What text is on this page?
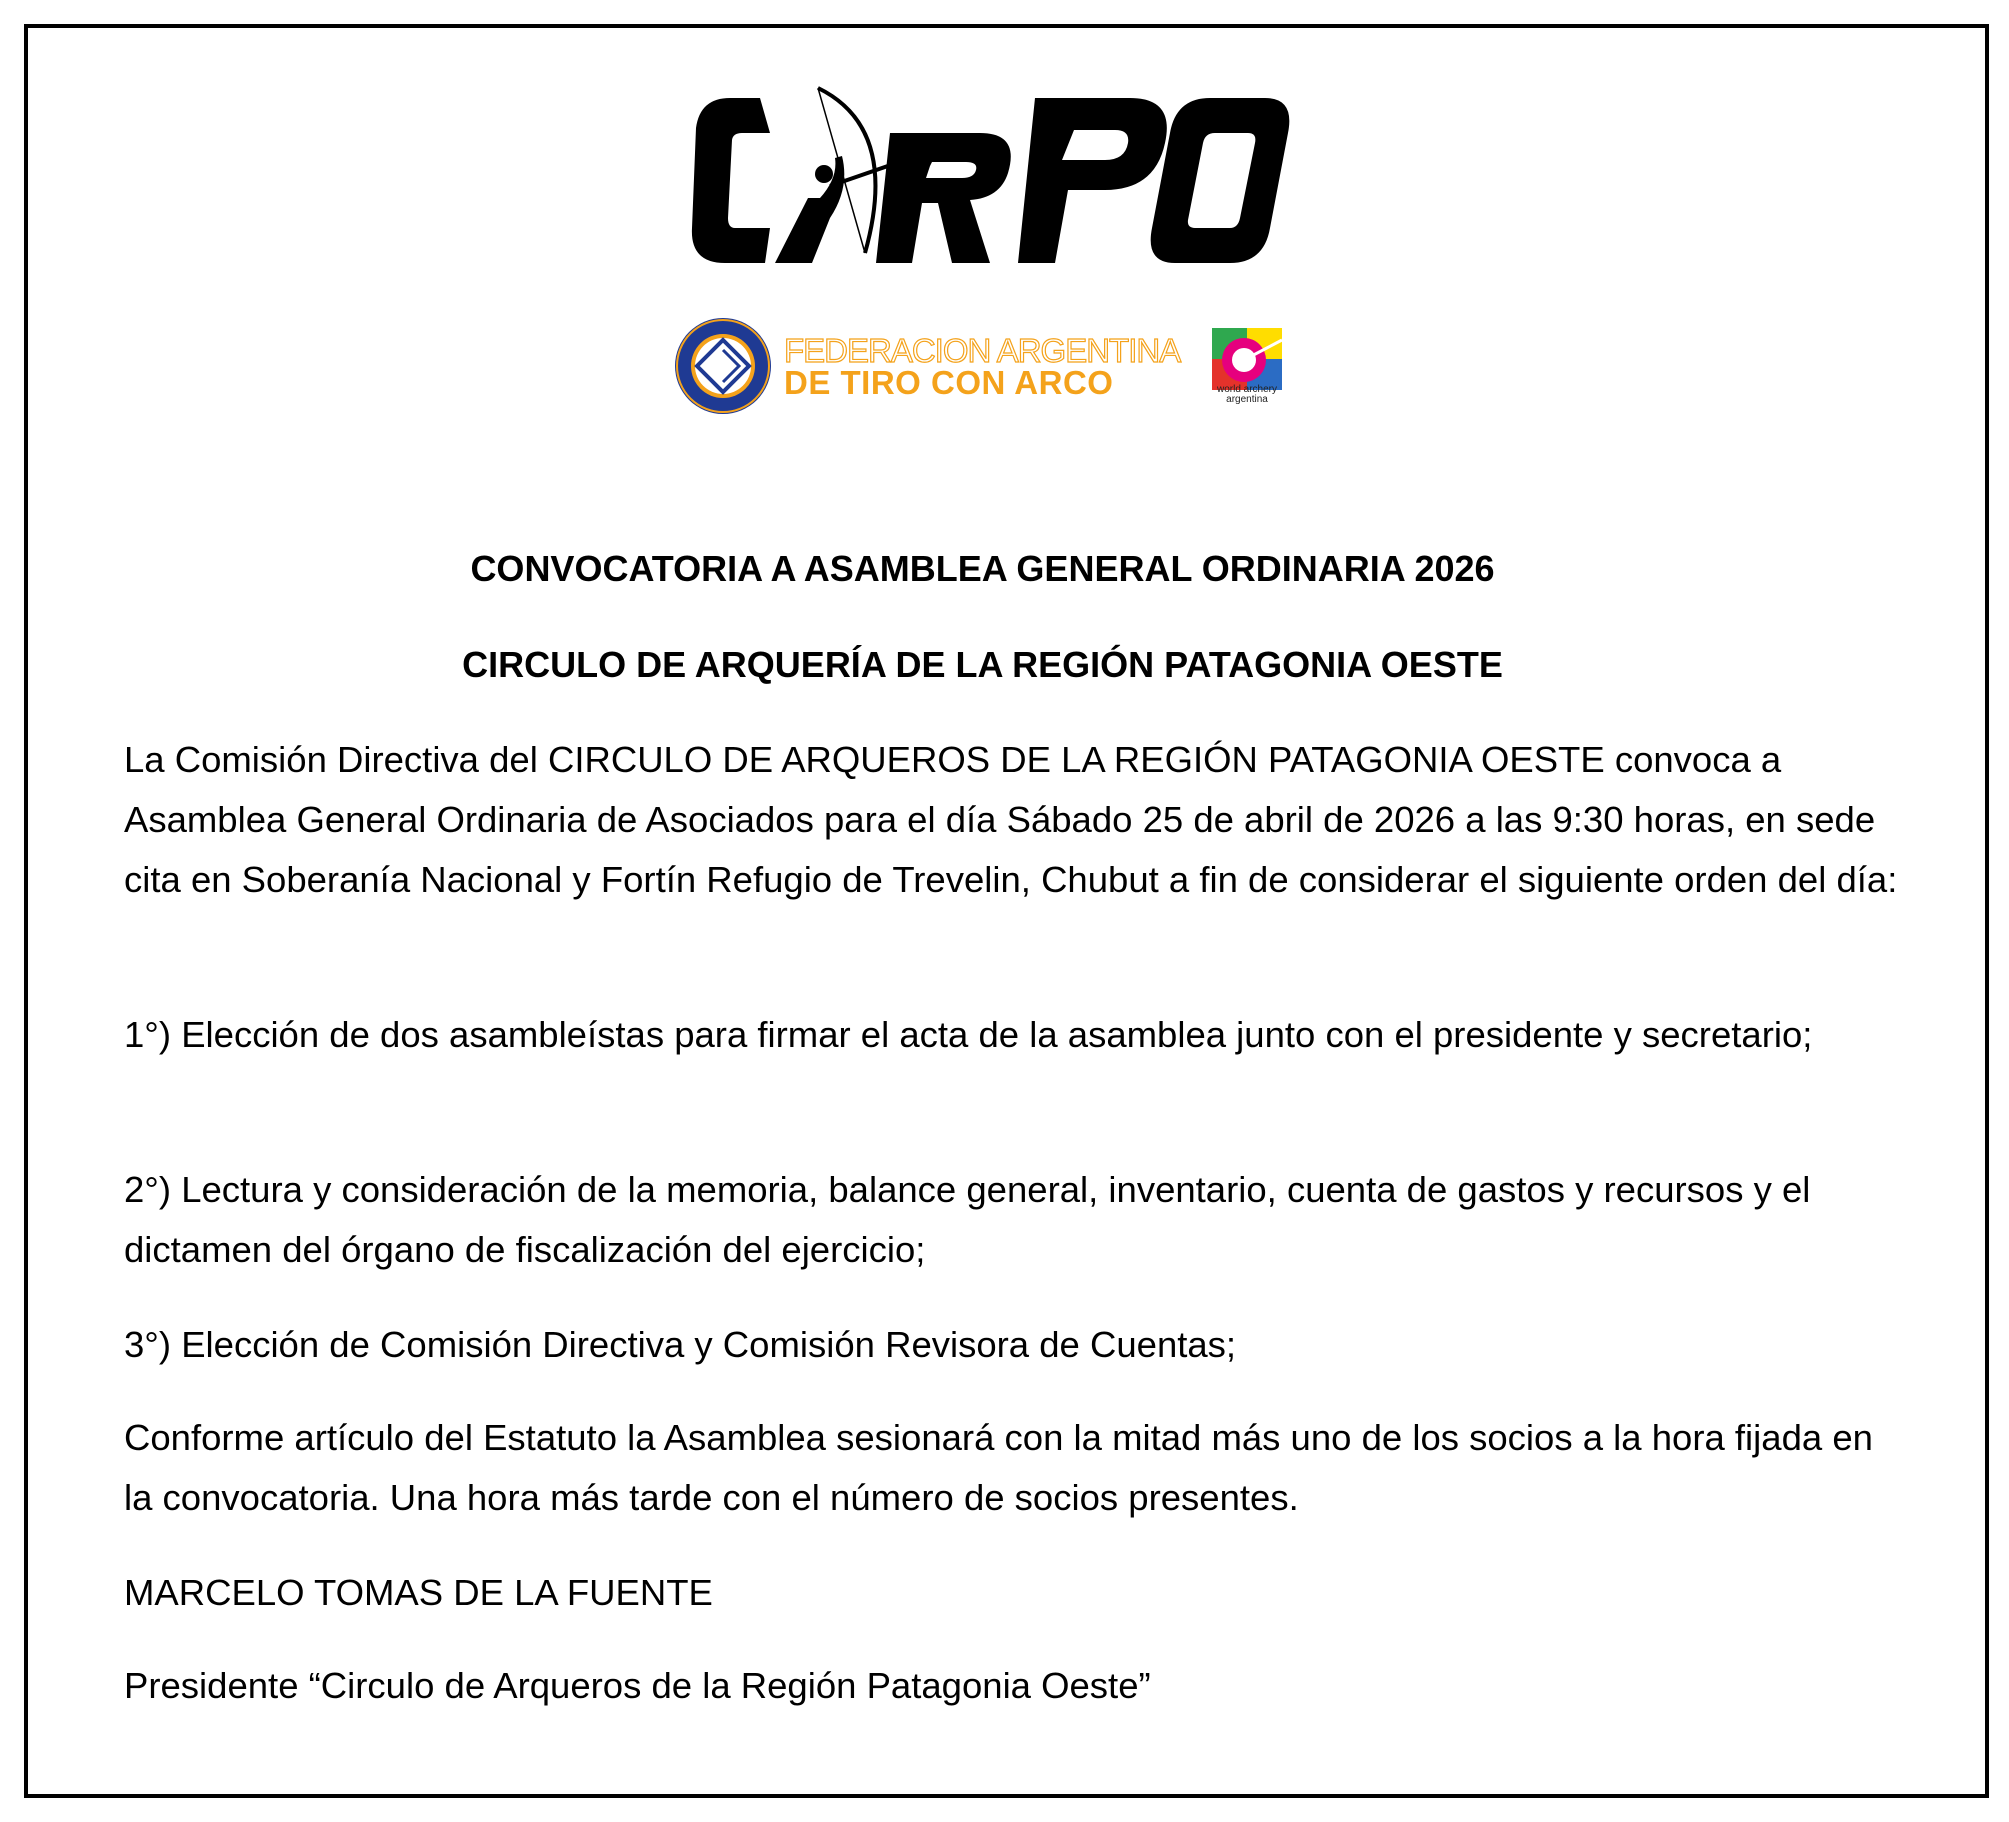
FEDERACION ARGENTINA
DE TIRO CON ARCO	world archery
argentina
CONVOCATORIA A ASAMBLEA GENERAL ORDINARIA 2026
CIRCULO DE ARQUERÍA DE LA REGIÓN PATAGONIA OESTE

La Comisión Directiva del CIRCULO DE ARQUEROS DE LA REGIÓN PATAGONIA OESTE convoca a Asamblea General Ordinaria de Asociados para el día Sábado 25 de abril de 2026 a las 9:30 horas, en sede cita en Soberanía Nacional y Fortín Refugio de Trevelin, Chubut a fin de considerar el siguiente orden del día:

1°) Elección de dos asambleístas para firmar el acta de la asamblea junto con el presidente y secretario;

2°) Lectura y consideración de la memoria, balance general, inventario, cuenta de gastos y recursos y el dictamen del órgano de fiscalización del ejercicio;

3°) Elección de Comisión Directiva y Comisión Revisora de Cuentas;

Conforme artículo del Estatuto la Asamblea sesionará con la mitad más uno de los socios a la hora fijada en la convocatoria. Una hora más tarde con el número de socios presentes.

MARCELO TOMAS DE LA FUENTE

Presidente “Circulo de Arqueros de la Región Patagonia Oeste”
